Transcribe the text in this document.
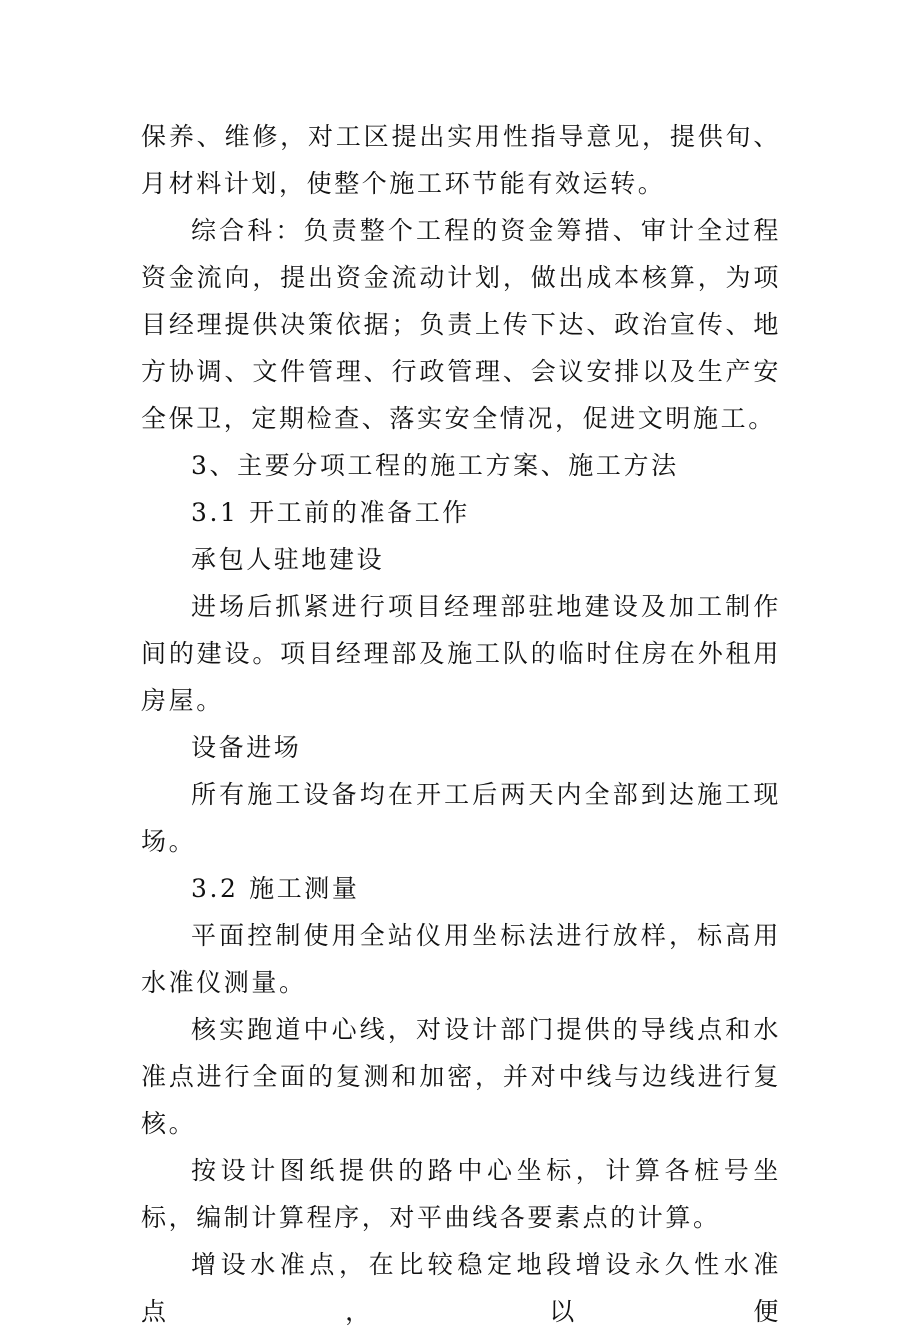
保养、维修，对工区提出实用性指导意见，提供旬、月材料计划，使整个施工环节能有效运转。

综合科：负责整个工程的资金筹措、审计全过程资金流向，提出资金流动计划，做出成本核算，为项目经理提供决策依据；负责上传下达、政治宣传、地方协调、文件管理、行政管理、会议安排以及生产安全保卫，定期检查、落实安全情况，促进文明施工。

3、主要分项工程的施工方案、施工方法

3.1 开工前的准备工作

承包人驻地建设

进场后抓紧进行项目经理部驻地建设及加工制作间的建设。项目经理部及施工队的临时住房在外租用房屋。

设备进场

所有施工设备均在开工后两天内全部到达施工现场。

3.2 施工测量

平面控制使用全站仪用坐标法进行放样，标高用水准仪测量。

核实跑道中心线，对设计部门提供的导线点和水准点进行全面的复测和加密，并对中线与边线进行复核。

按设计图纸提供的路中心坐标，计算各桩号坐标，编制计算程序，对平曲线各要素点的计算。

增设水准点，在比较稳定地段增设永久性水准点，以便
